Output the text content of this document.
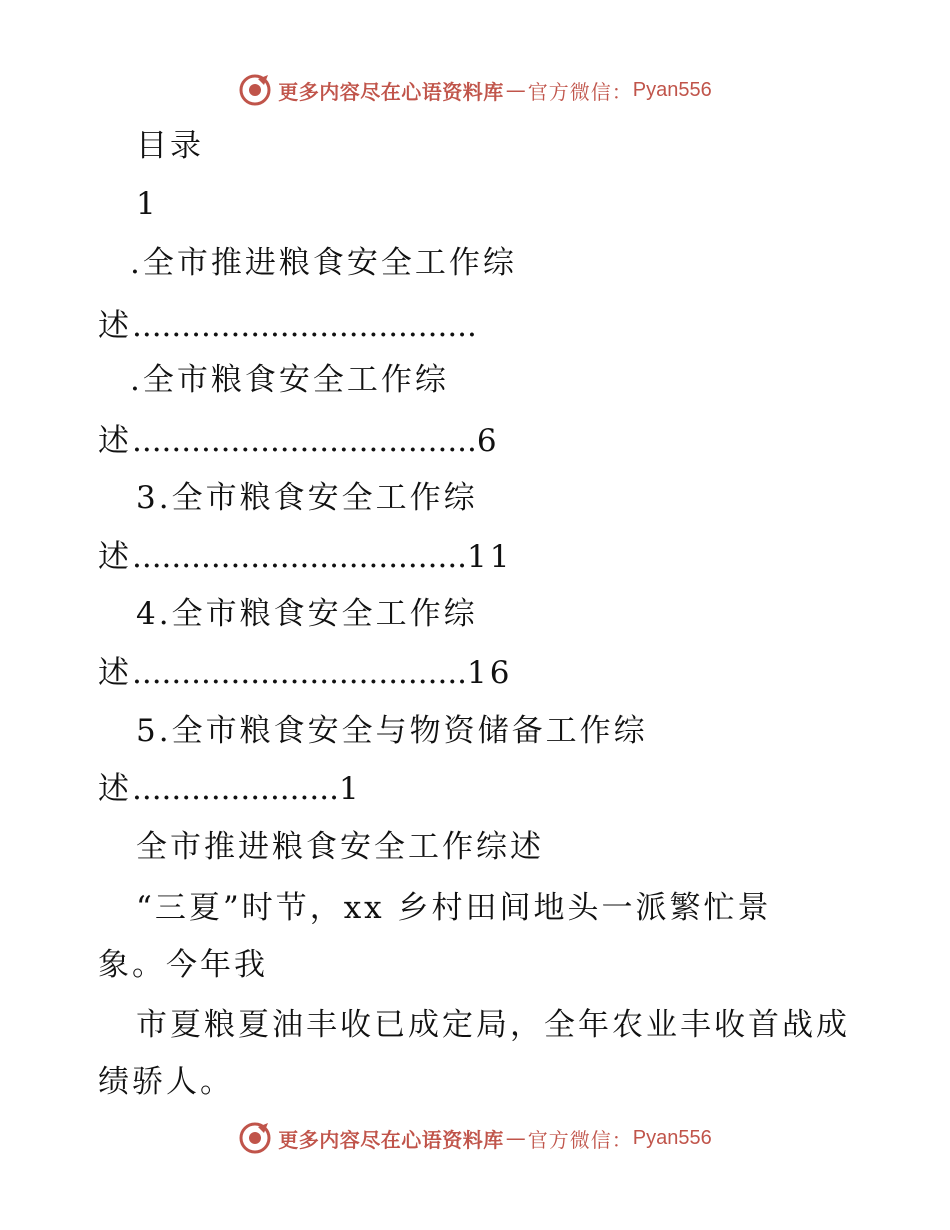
更多内容尽在心语资料库 — 官方微信： Pyan556
目录
1
.全市推进粮食安全工作综
述...................................
.全市粮食安全工作综
述...................................6
3.全市粮食安全工作综
述..................................11
4.全市粮食安全工作综
述..................................16
5.全市粮食安全与物资储备工作综
述.....................1
全市推进粮食安全工作综述
“三夏”时节，xx 乡村田间地头一派繁忙景
象。今年我
市夏粮夏油丰收已成定局，全年农业丰收首战成
绩骄人。
更多内容尽在心语资料库 — 官方微信： Pyan556
